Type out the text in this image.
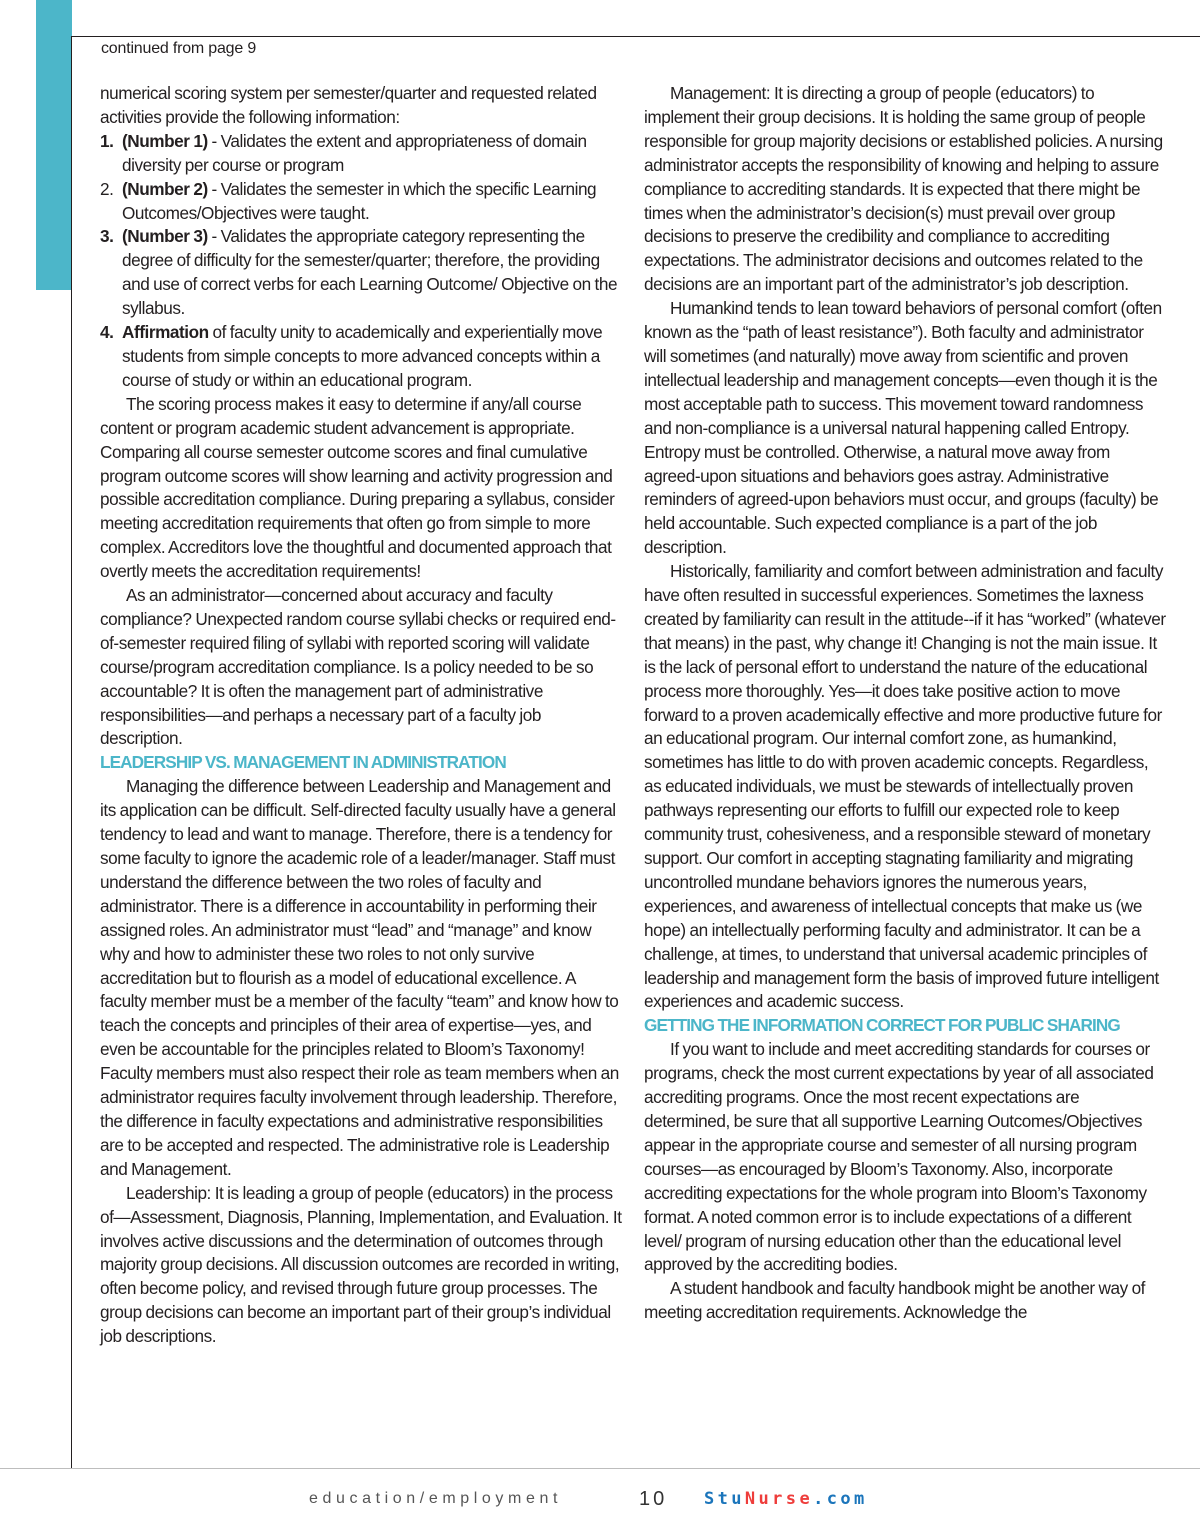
continued from page 9

numerical scoring system per semester/quarter and requested related activities provide the following information:

1. (Number 1) - Validates the extent and appropriateness of domain diversity per course or program
2. (Number 2) - Validates the semester in which the specific Learning Outcomes/Objectives were taught.
3. (Number 3) - Validates the appropriate category representing the degree of difficulty for the semester/quarter; therefore, the providing and use of correct verbs for each Learning Outcome/ Objective on the syllabus.
4. Affirmation of faculty unity to academically and experientially move students from simple concepts to more advanced concepts within a course of study or within an educational program.

The scoring process makes it easy to determine if any/all course content or program academic student advancement is appropriate. Comparing all course semester outcome scores and final cumulative program outcome scores will show learning and activity progression and possible accreditation compliance. During preparing a syllabus, consider meeting accreditation requirements that often go from simple to more complex. Accreditors love the thoughtful and documented approach that overtly meets the accreditation requirements!

As an administrator—concerned about accuracy and faculty compliance? Unexpected random course syllabi checks or required end-of-semester required filing of syllabi with reported scoring will validate course/program accreditation compliance. Is a policy needed to be so accountable? It is often the management part of administrative responsibilities—and perhaps a necessary part of a faculty job description.

LEADERSHIP VS. MANAGEMENT IN ADMINISTRATION

Managing the difference between Leadership and Management and its application can be difficult. Self-directed faculty usually have a general tendency to lead and want to manage. Therefore, there is a tendency for some faculty to ignore the academic role of a leader/manager. Staff must understand the difference between the two roles of faculty and administrator. There is a difference in accountability in performing their assigned roles. An administrator must “lead” and “manage” and know why and how to administer these two roles to not only survive accreditation but to flourish as a model of educational excellence. A faculty member must be a member of the faculty “team” and know how to teach the concepts and principles of their area of expertise—yes, and even be accountable for the principles related to Bloom’s Taxonomy! Faculty members must also respect their role as team members when an administrator requires faculty involvement through leadership. Therefore, the difference in faculty expectations and administrative responsibilities are to be accepted and respected. The administrative role is Leadership and Management.

Leadership: It is leading a group of people (educators) in the process of—Assessment, Diagnosis, Planning, Implementation, and Evaluation. It involves active discussions and the determination of outcomes through majority group decisions. All discussion outcomes are recorded in writing, often become policy, and revised through future group processes. The group decisions can become an important part of their group’s individual job descriptions.

Management: It is directing a group of people (educators) to implement their group decisions. It is holding the same group of people responsible for group majority decisions or established policies. A nursing administrator accepts the responsibility of knowing and helping to assure compliance to accrediting standards. It is expected that there might be times when the administrator’s decision(s) must prevail over group decisions to preserve the credibility and compliance to accrediting expectations. The administrator decisions and outcomes related to the decisions are an important part of the administrator’s job description.

Humankind tends to lean toward behaviors of personal comfort (often known as the “path of least resistance”). Both faculty and administrator will sometimes (and naturally) move away from scientific and proven intellectual leadership and management concepts—even though it is the most acceptable path to success. This movement toward randomness and non-compliance is a universal natural happening called Entropy. Entropy must be controlled. Otherwise, a natural move away from agreed-upon situations and behaviors goes astray. Administrative reminders of agreed-upon behaviors must occur, and groups (faculty) be held accountable. Such expected compliance is a part of the job description.

Historically, familiarity and comfort between administration and faculty have often resulted in successful experiences. Sometimes the laxness created by familiarity can result in the attitude--if it has “worked” (whatever that means) in the past, why change it! Changing is not the main issue. It is the lack of personal effort to understand the nature of the educational process more thoroughly. Yes—it does take positive action to move forward to a proven academically effective and more productive future for an educational program. Our internal comfort zone, as humankind, sometimes has little to do with proven academic concepts. Regardless, as educated individuals, we must be stewards of intellectually proven pathways representing our efforts to fulfill our expected role to keep community trust, cohesiveness, and a responsible steward of monetary support. Our comfort in accepting stagnating familiarity and migrating uncontrolled mundane behaviors ignores the numerous years, experiences, and awareness of intellectual concepts that make us (we hope) an intellectually performing faculty and administrator. It can be a challenge, at times, to understand that universal academic principles of leadership and management form the basis of improved future intelligent experiences and academic success.

GETTING THE INFORMATION CORRECT FOR PUBLIC SHARING

If you want to include and meet accrediting standards for courses or programs, check the most current expectations by year of all associated accrediting programs. Once the most recent expectations are determined, be sure that all supportive Learning Outcomes/Objectives appear in the appropriate course and semester of all nursing program courses—as encouraged by Bloom’s Taxonomy. Also, incorporate accrediting expectations for the whole program into Bloom’s Taxonomy format. A noted common error is to include expectations of a different level/ program of nursing education other than the educational level approved by the accrediting bodies.

A student handbook and faculty handbook might be another way of meeting accreditation requirements. Acknowledge the

education/employment	10 StuNurse.com
